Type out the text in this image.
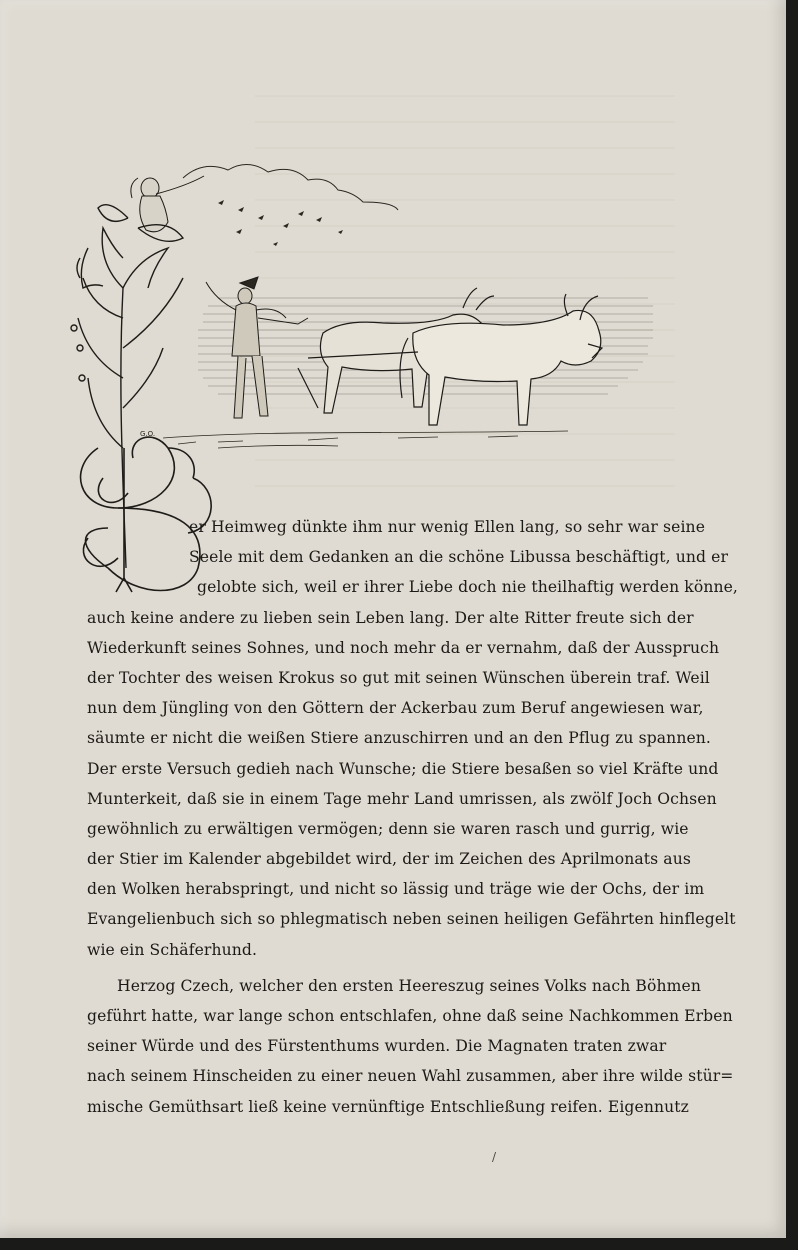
G.O.
er Heimweg dünkte ihm nur wenig Ellen lang, so sehr war seine
Seele mit dem Gedanken an die schöne Libussa beschäftigt, und er
gelobte sich, weil er ihrer Liebe doch nie theilhaftig werden könne,
auch keine andere zu lieben sein Leben lang. Der alte Ritter freute sich der
Wiederkunft seines Sohnes, und noch mehr da er vernahm, daß der Ausspruch
der Tochter des weisen Krokus so gut mit seinen Wünschen überein traf. Weil
nun dem Jüngling von den Göttern der Ackerbau zum Beruf angewiesen war,
säumte er nicht die weißen Stiere anzuschirren und an den Pflug zu spannen.
Der erste Versuch gedieh nach Wunsche; die Stiere besaßen so viel Kräfte und
Munterkeit, daß sie in einem Tage mehr Land umrissen, als zwölf Joch Ochsen
gewöhnlich zu erwältigen vermögen; denn sie waren rasch und gurrig, wie
der Stier im Kalender abgebildet wird, der im Zeichen des Aprilmonats aus
den Wolken herabspringt, und nicht so lässig und träge wie der Ochs, der im
Evangelienbuch sich so phlegmatisch neben seinen heiligen Gefährten hinflegelt
wie ein Schäferhund.
Herzog Czech, welcher den ersten Heereszug seines Volks nach Böhmen
geführt hatte, war lange schon entschlafen, ohne daß seine Nachkommen Erben
seiner Würde und des Fürstenthums wurden. Die Magnaten traten zwar
nach seinem Hinscheiden zu einer neuen Wahl zusammen, aber ihre wilde stür=
mische Gemüthsart ließ keine vernünftige Entschließung reifen. Eigennutz
/
